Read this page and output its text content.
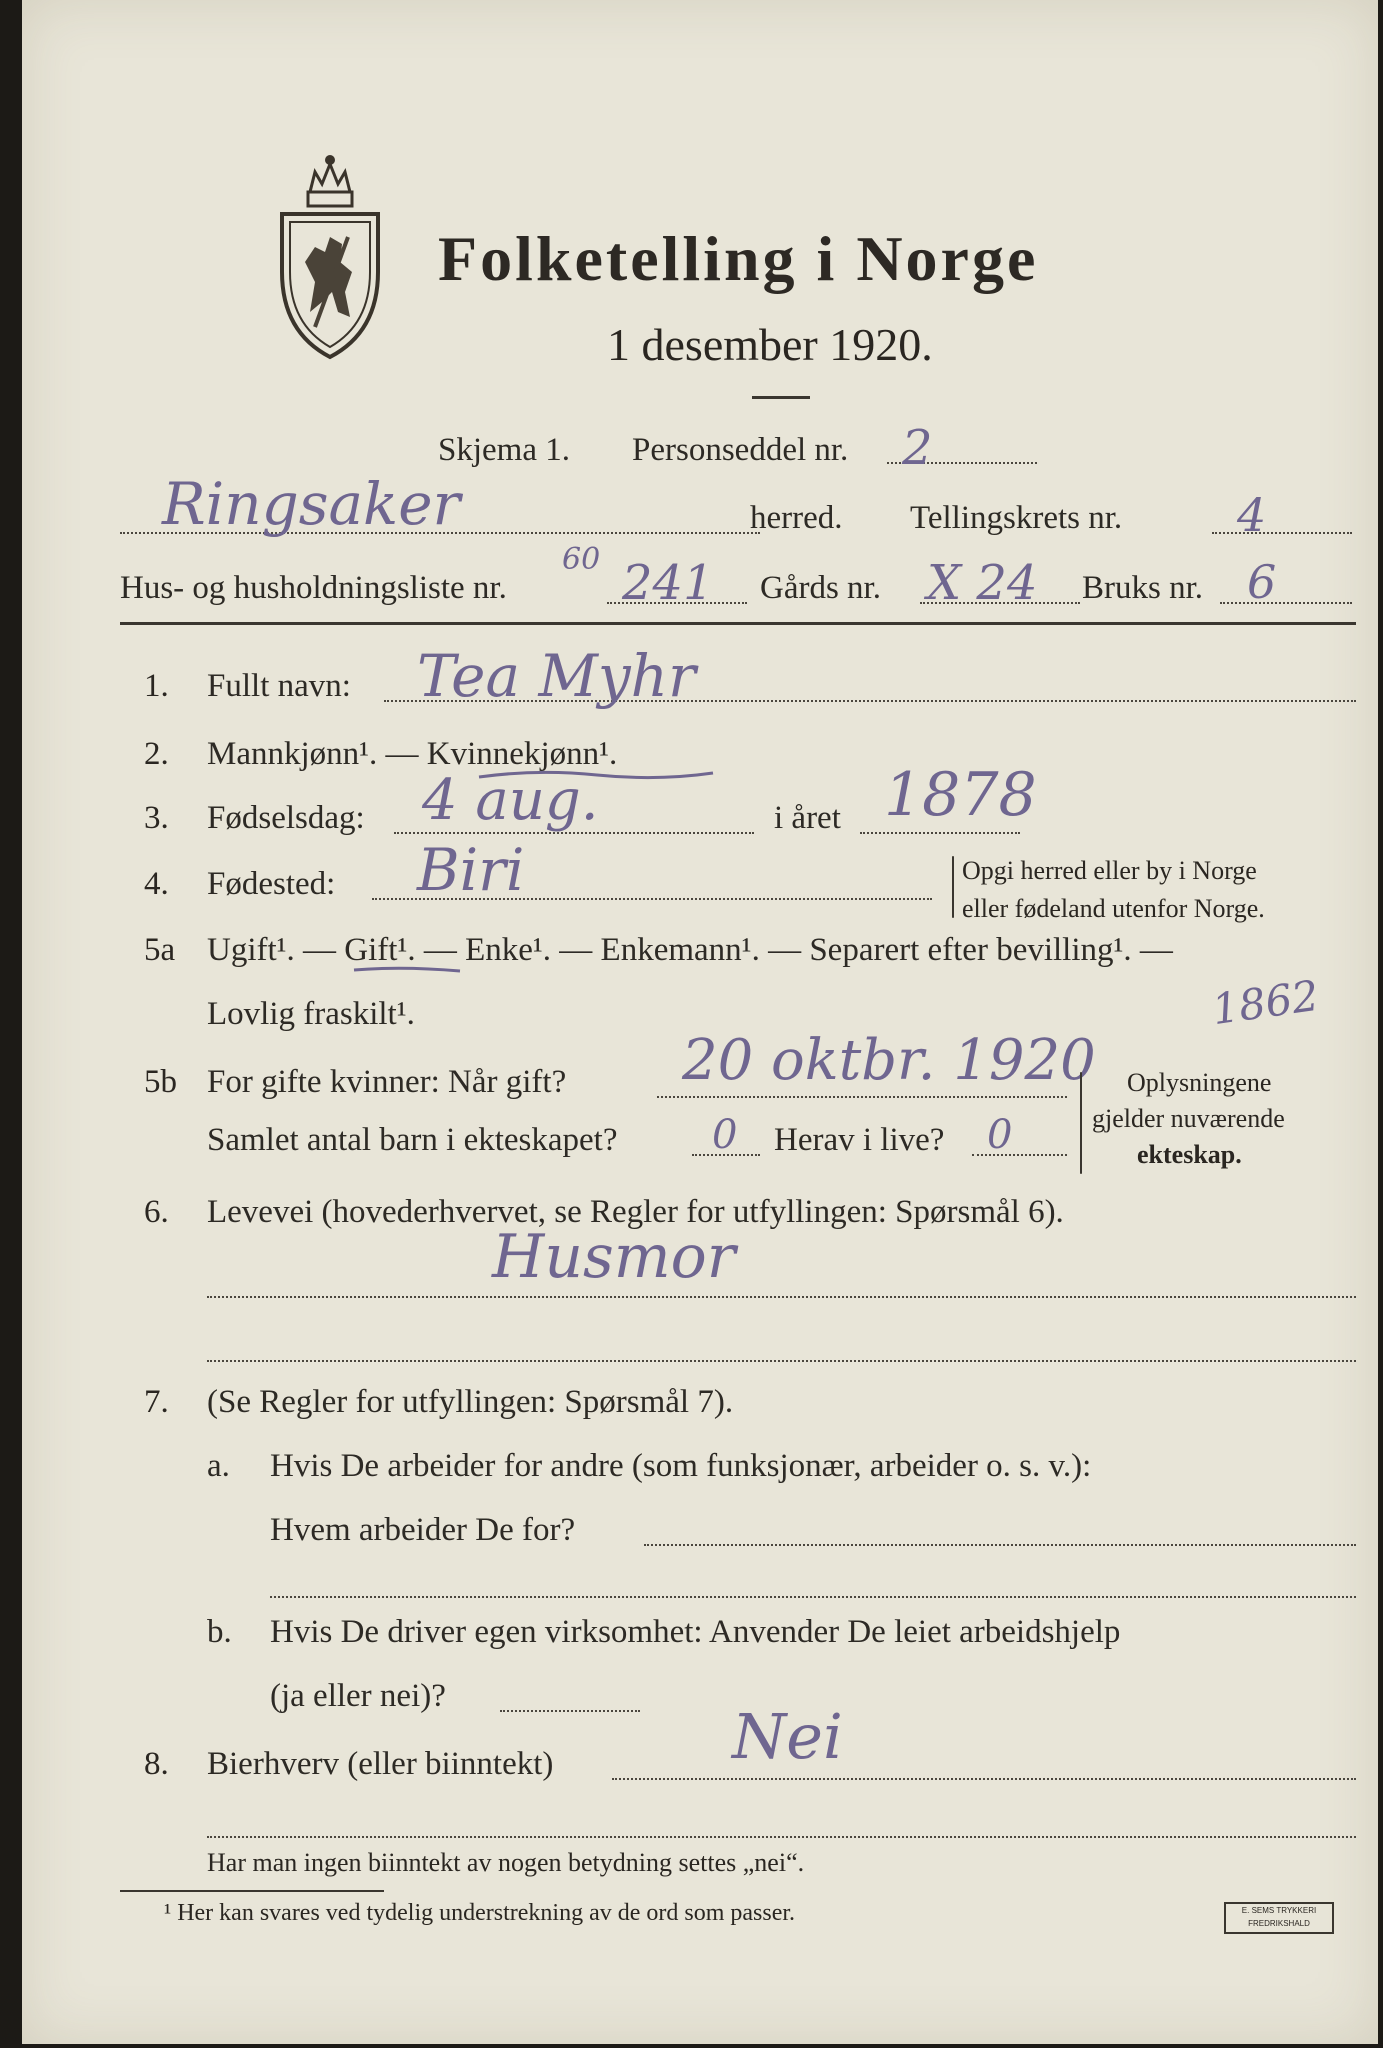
Folketelling i Norge
1 desember 1920.
Skjema 1. Personseddel nr. 2
Ringsaker	herred. Tellingskrets nr. 4
Hus- og husholdningsliste nr.
60 241 Gårds nr. X 24 Bruks nr. 6
1. Fullt navn: Tea Myhr
2. Mannkjønn¹. — Kvinnekjønn¹.
3. Fødselsdag: 4 aug.	i året 1878
4. Fødested: Biri	Opgi herred eller by i Norge
eller fødeland utenfor Norge.
5a Ugift¹. — Gift¹. — Enke¹. — Enkemann¹. — Separert efter bevilling¹. —
Lovlig fraskilt¹.	1862
5b For gifte kvinner: Når gift? 20 oktbr. 1920
Samlet antal barn i ekteskapet? 0 Herav i live? 0
Oplysningene
gjelder nuværende
ekteskap.
6. Levevei (hovederhvervet, se Regler for utfyllingen: Spørsmål 6).
Husmor
7. (Se Regler for utfyllingen: Spørsmål 7).
a. Hvis De arbeider for andre (som funksjonær, arbeider o. s. v.):
Hvem arbeider De for?
b. Hvis De driver egen virksomhet: Anvender De leiet arbeidshjelp
(ja eller nei)?
8. Bierhverv (eller biinntekt)	Nei
Har man ingen biinntekt av nogen betydning settes „nei“.
¹ Her kan svares ved tydelig understrekning av de ord som passer.	E. SEMS TRYKKERI FREDRIKSHALD
